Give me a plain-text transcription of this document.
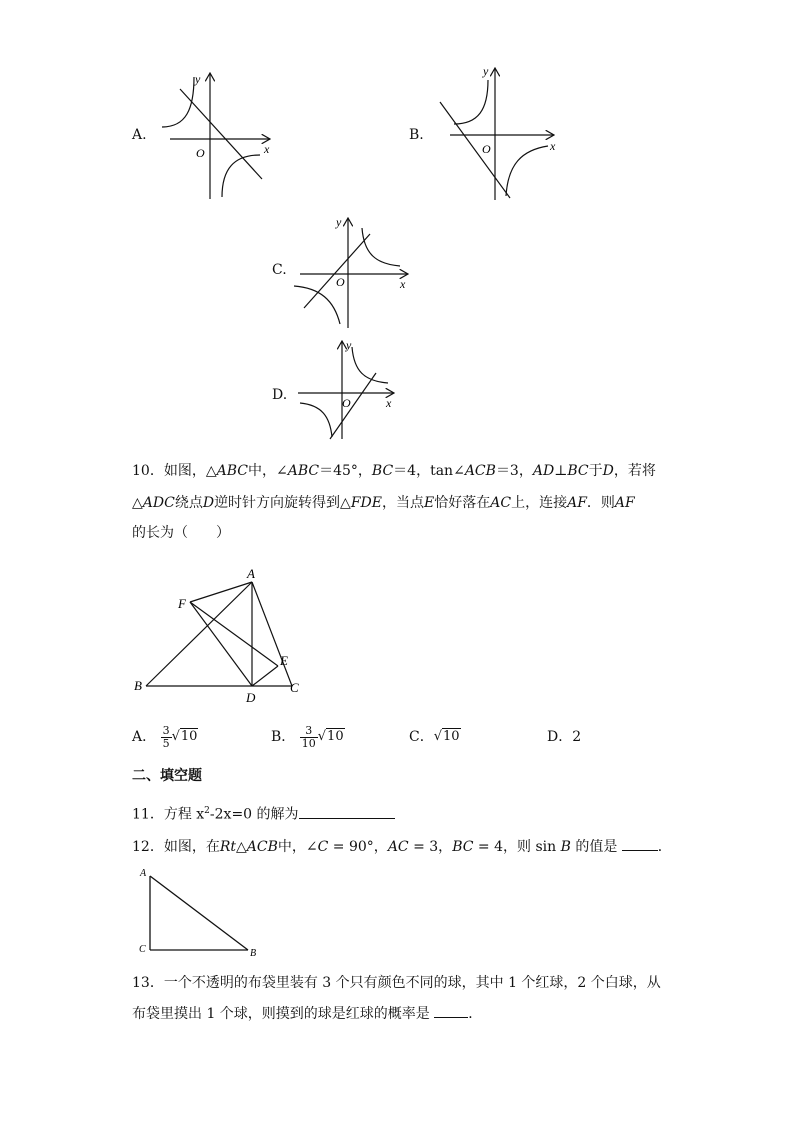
A.
y
x
O
B.
y
x
O
C.
y
x
O
D.
y
x
O
10．如图，△ABC中，∠ABC＝45°，BC＝4，tan∠ACB＝3，AD⊥BC于D，若将
△ADC绕点D逆时针方向旋转得到△FDE，当点E恰好落在AC上，连接AF．则AF
的长为（　　）
A
F
E
B
D
C
A． $\frac{3}{5} √10$	B． $\frac{3}{10} √10$	C．√10	D．2
二、填空题
11．方程 $x^2-2x=0$ 的解为
12．如图，在Rt△ACB中，∠C = 90°，AC = 3，BC = 4，则 sin B 的值是	．
A
C	B
13．一个不透明的布袋里装有 3 个只有颜色不同的球，其中 1 个红球，2 个白球，从
布袋里摸出 1 个球，则摸到的球是红球的概率是	．
